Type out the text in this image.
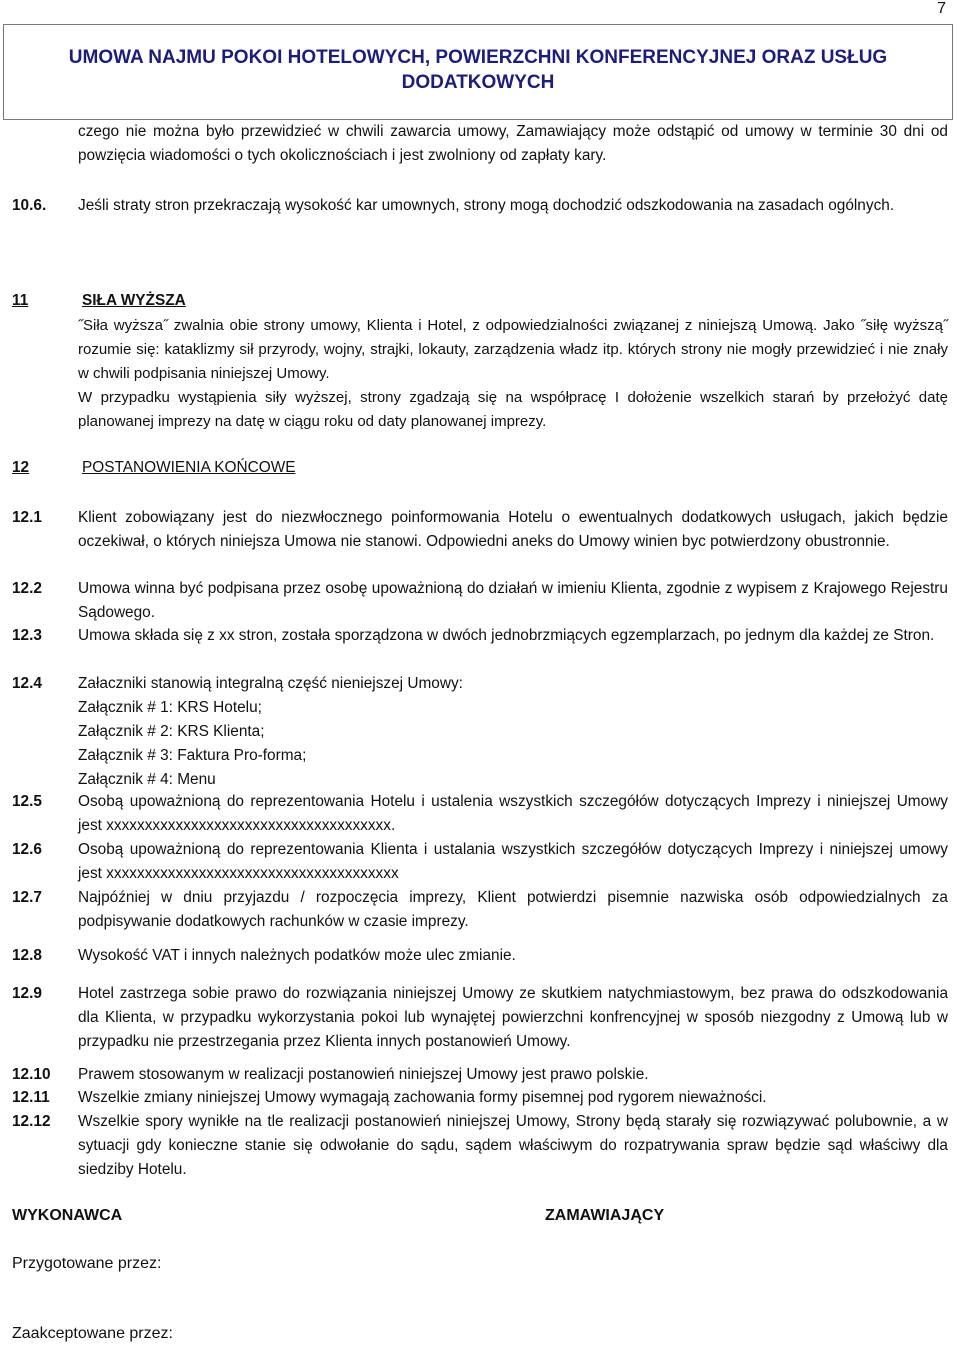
7
UMOWA NAJMU POKOI HOTELOWYCH, POWIERZCHNI KONFERENCYJNEJ ORAZ USŁUG
DODATKOWYCH
czego nie można było przewidzieć w chwili zawarcia umowy, Zamawiający może odstąpić od umowy w terminie 30 dni od powzięcia wiadomości o tych okolicznościach i jest zwolniony od zapłaty kary.
10.6. Jeśli straty stron przekraczają wysokość kar umownych, strony mogą dochodzić odszkodowania na zasadach ogólnych.
11	SIŁA WYŻSZA
˝Siła wyższa˝ zwalnia obie strony umowy, Klienta i Hotel, z odpowiedzialności związanej z niniejszą Umową. Jako ˝siłę wyższą˝ rozumie się: kataklizmy sił przyrody, wojny, strajki, lokauty, zarządzenia władz itp. których strony nie mogły przewidzieć i nie znały w chwili podpisania niniejszej Umowy.
W przypadku wystąpienia siły wyższej, strony zgadzają się na współpracę I dołożenie wszelkich starań by przełożyć datę planowanej imprezy na datę w ciągu roku od daty planowanej imprezy.
12	POSTANOWIENIA KOŃCOWE
12.1 Klient zobowiązany jest do niezwłocznego poinformowania Hotelu o ewentualnych dodatkowych usługach, jakich będzie oczekiwał, o których niniejsza Umowa nie stanowi. Odpowiedni aneks do Umowy winien byc potwierdzony obustronnie.
12.2 Umowa winna być podpisana przez osobę upoważnioną do działań w imieniu Klienta, zgodnie z wypisem z Krajowego Rejestru Sądowego.
12.3 Umowa składa się z xx stron, została sporządzona w dwóch jednobrzmiących egzemplarzach, po jednym dla każdej ze Stron.
12.4 Załaczniki stanowią integralną część nieniejszej Umowy:
Załącznik # 1: KRS Hotelu;
Załącznik # 2: KRS Klienta;
Załącznik # 3: Faktura Pro-forma;
Załącznik # 4: Menu
12.5 Osobą upoważnioną do reprezentowania Hotelu i ustalenia wszystkich szczegółów dotyczących Imprezy i niniejszej Umowy jest xxxxxxxxxxxxxxxxxxxxxxxxxxxxxxxxxxxxx.
12.6 Osobą upoważnioną do reprezentowania Klienta i ustalania wszystkich szczegółów dotyczących Imprezy i niniejszej umowy jest xxxxxxxxxxxxxxxxxxxxxxxxxxxxxxxxxxxxxx
12.7 Najpóźniej w dniu przyjazdu / rozpoczęcia imprezy, Klient potwierdzi pisemnie nazwiska osób odpowiedzialnych za podpisywanie dodatkowych rachunków w czasie imprezy.
12.8 Wysokość VAT i innych należnych podatków może ulec zmianie.
12.9 Hotel zastrzega sobie prawo do rozwiązania niniejszej Umowy ze skutkiem natychmiastowym, bez prawa do odszkodowania dla Klienta, w przypadku wykorzystania pokoi lub wynajętej powierzchni konfrencyjnej w sposób niezgodny z Umową lub w przypadku nie przestrzegania przez Klienta innych postanowień Umowy.
12.10 Prawem stosowanym w realizacji postanowień niniejszej Umowy jest prawo polskie.
12.11 Wszelkie zmiany niniejszej Umowy wymagają zachowania formy pisemnej pod rygorem nieważności.
12.12 Wszelkie spory wynikłe na tle realizacji postanowień niniejszej Umowy, Strony będą starały się rozwiązywać polubownie, a w sytuacji gdy konieczne stanie się odwołanie do sądu, sądem właściwym do rozpatrywania spraw będzie sąd właściwy dla siedziby Hotelu.
WYKONAWCA	ZAMAWIAJĄCY
Przygotowane przez:
Zaakceptowane przez:
